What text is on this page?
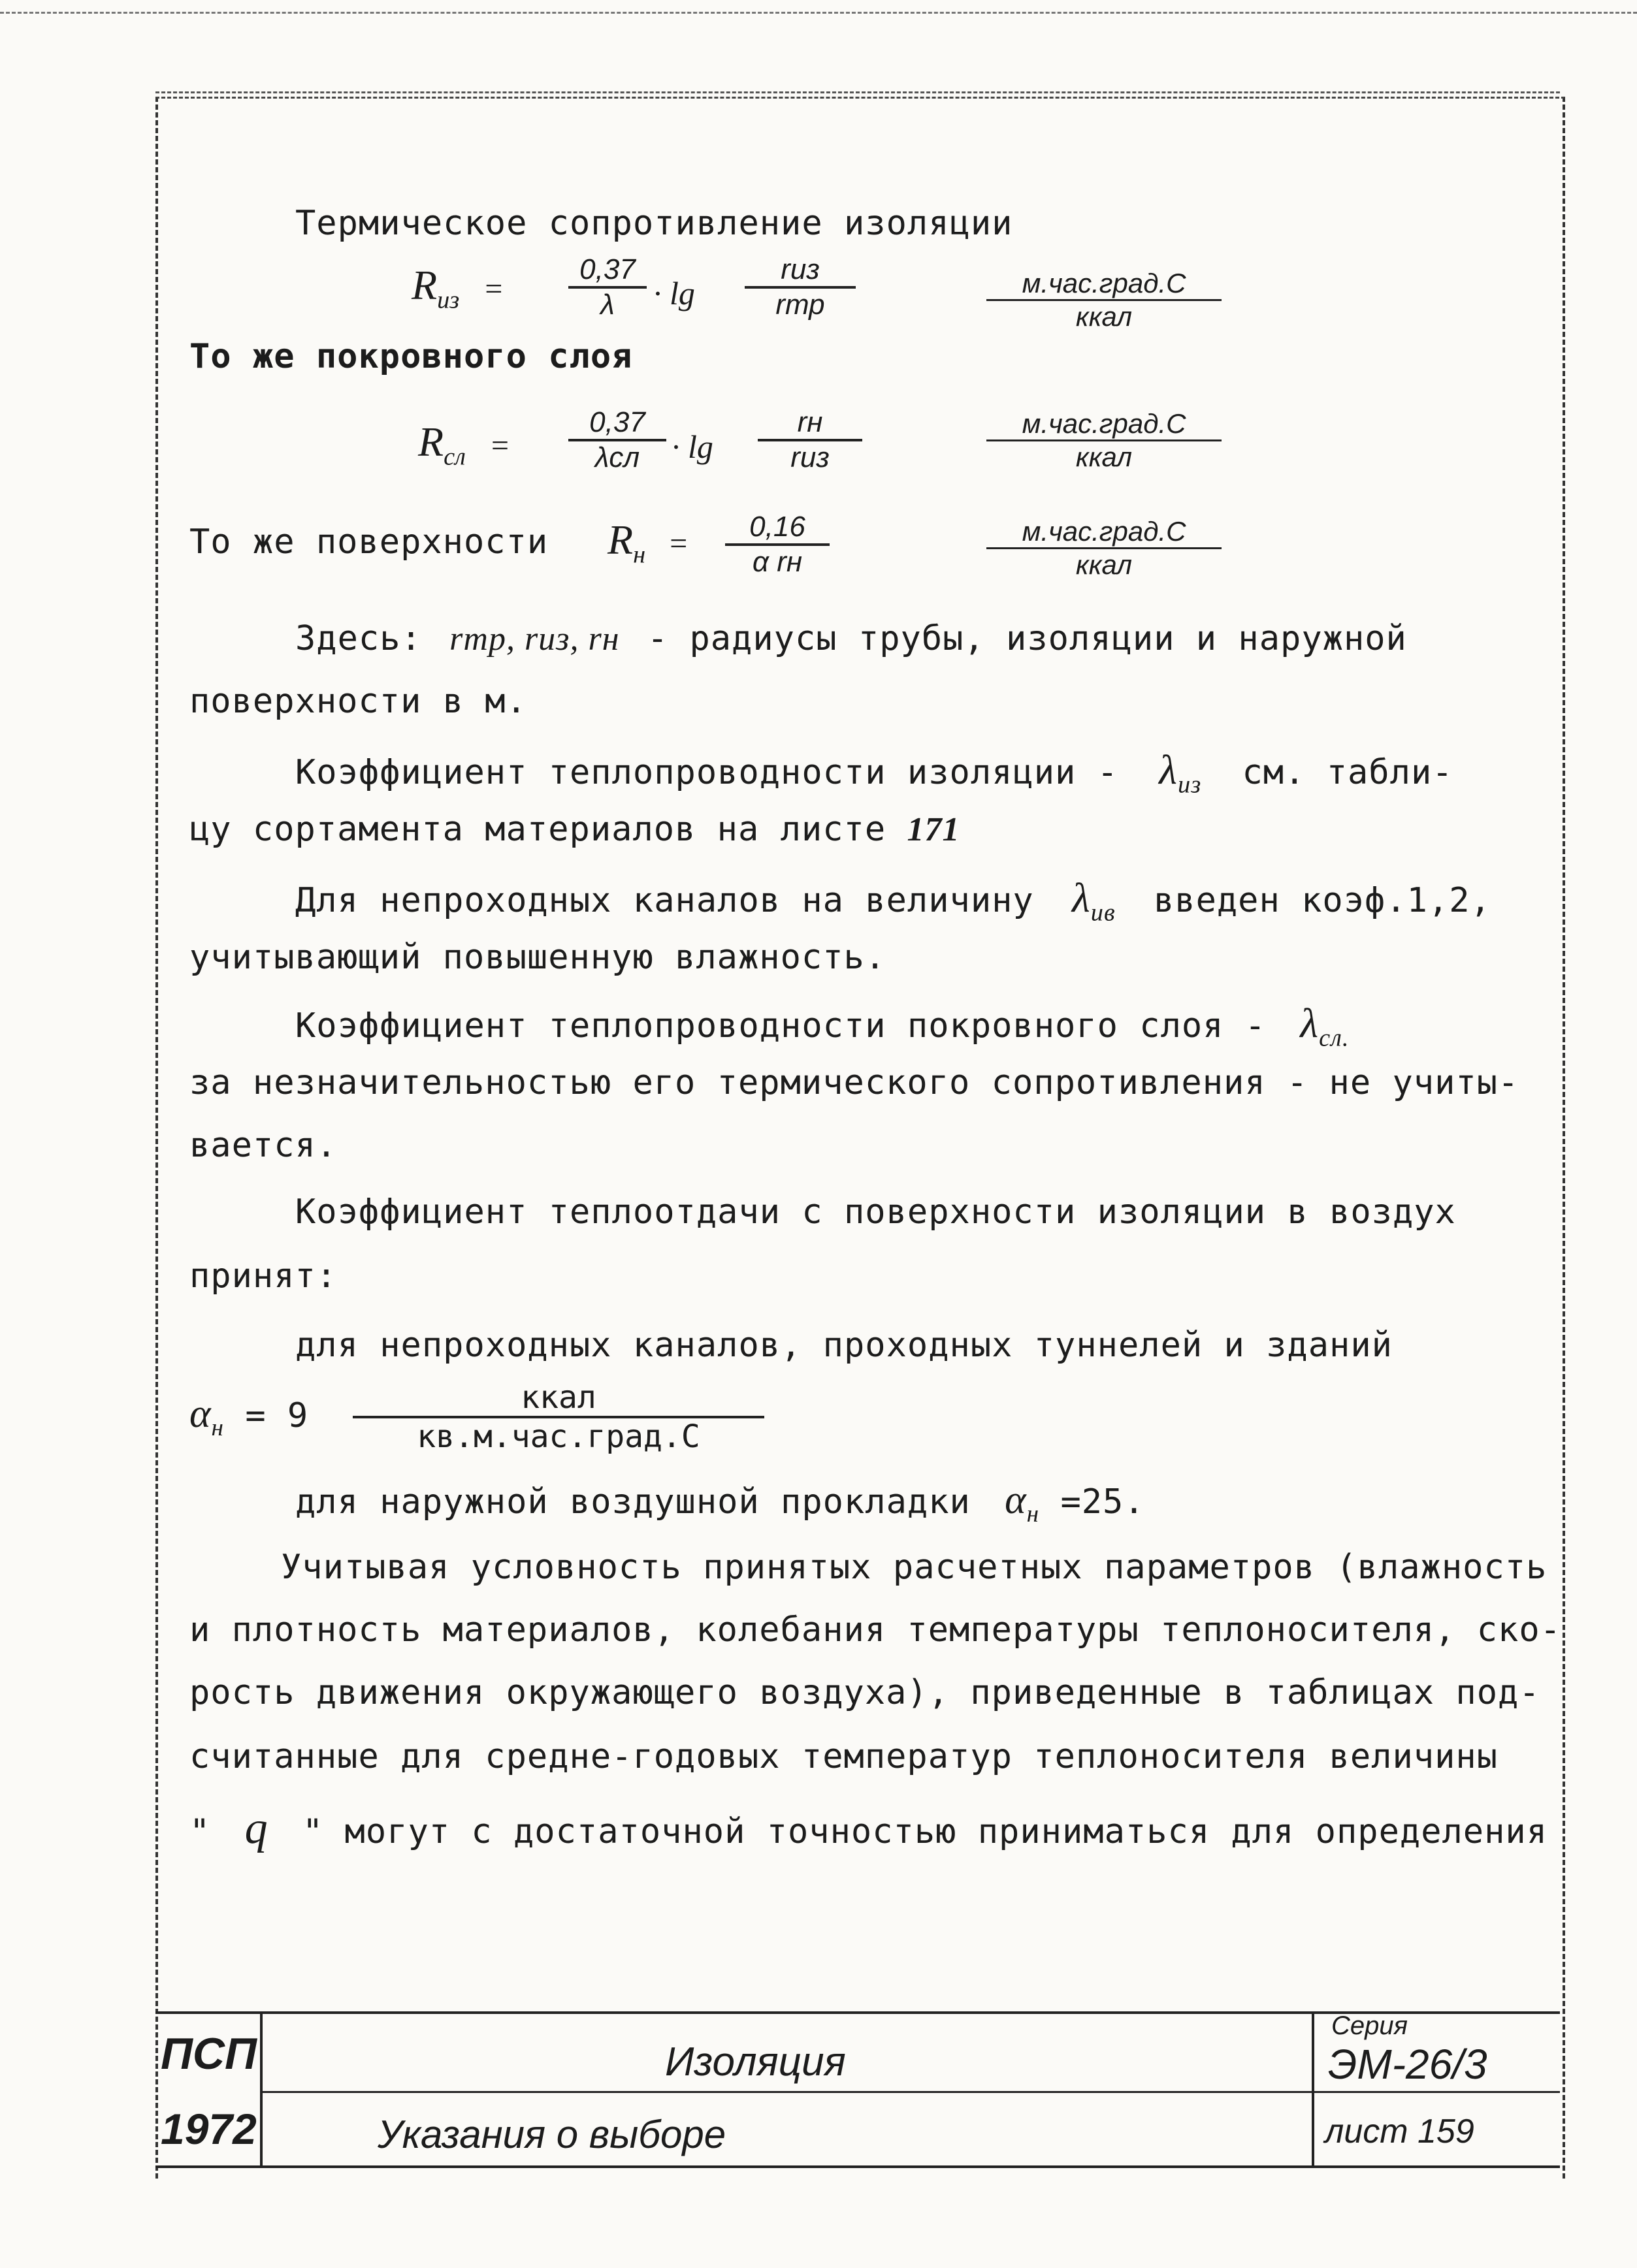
Термическое сопротивление изоляции
$R_{из} = \frac{0,37}{\lambda} \cdot \lg$
rиз
rтр
м.час.град.С
ккал
То же покровного слоя
$R_{сл}$ =
0,37
λсл · lg
rн
rиз
м.час.град.С
ккал
То же поверхности $R_н$ =	0,16
α rн
м.час.град.С
ккал
Здесь: rтр, rиз, rн - радиусы трубы, изоляции и наружной
поверхности в м.
Коэффициент теплопроводности изоляции - $\lambda_{из}$ см. табли-
цу сортамента материалов на листе 171
Для непроходных каналов на величину $\lambda_{ив}$ введен коэф.1,2,
учитывающий повышенную влажность.
Коэффициент теплопроводности покровного слоя - $\lambda_{сл.}$
за незначительностью его термического сопротивления - не учиты-
вается.
Коэффициент теплоотдачи с поверхности изоляции в воздух
принят:
для непроходных каналов, проходных туннелей и зданий
$\alpha_н = 9$	ккал
кв.м.час.град.С
для наружной воздушной прокладки $\alpha_н =25$.
Учитывая условность принятых расчетных параметров (влажность
и плотность материалов, колебания температуры теплоносителя, ско-
рость движения окружающего воздуха), приведенные в таблицах под-
считанные для средне-годовых температур теплоносителя величины
" q " могут с достаточной точностью приниматься для определения
ПСП
1972
Изоляция
Указания о выборе
Серия
ЭМ-26/3
лист 159
